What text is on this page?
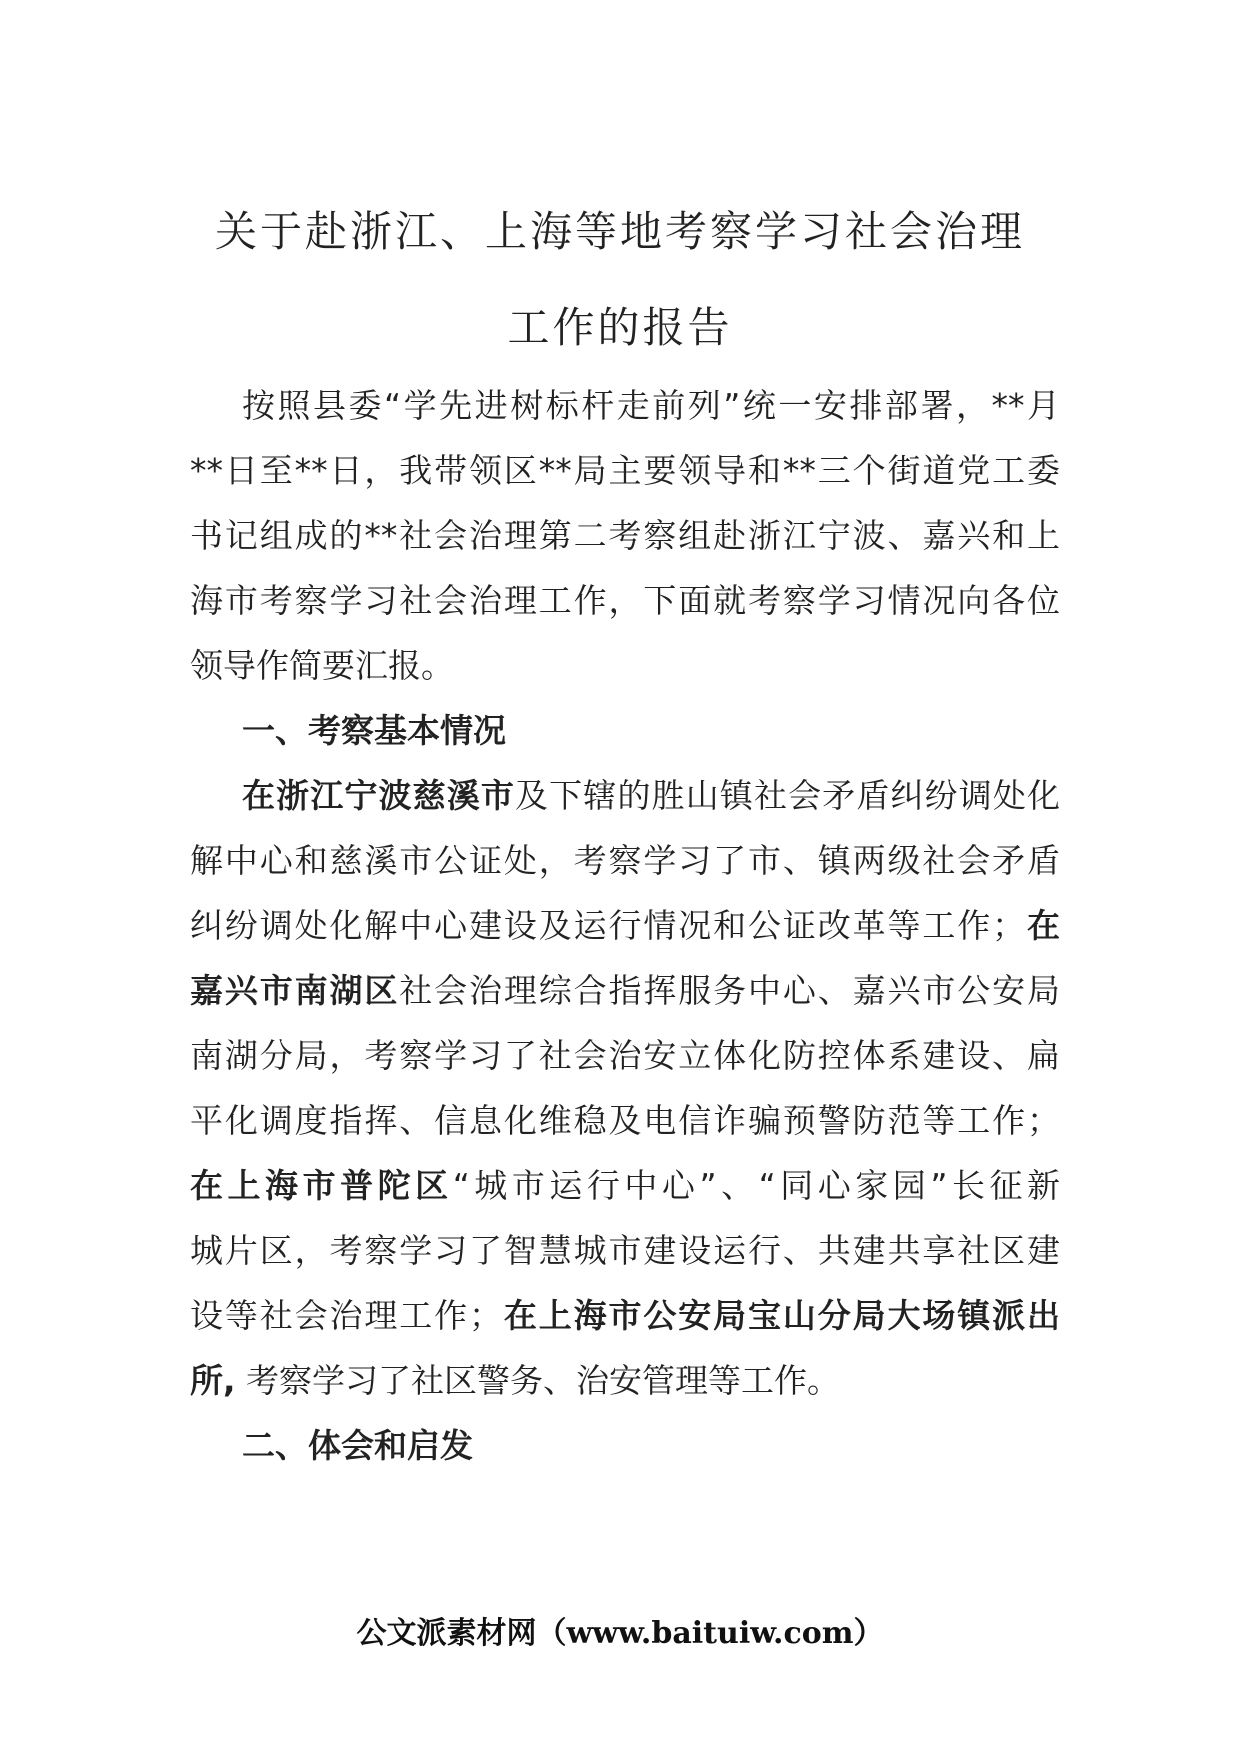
关于赴浙江、上海等地考察学习社会治理
工作的报告

按照县委“学先进树标杆走前列”统一安排部署，**月
**日至**日，我带领区**局主要领导和**三个街道党工委
书记组成的**社会治理第二考察组赴浙江宁波、嘉兴和上
海市考察学习社会治理工作，下面就考察学习情况向各位
领导作简要汇报。

一、考察基本情况

在浙江宁波慈溪市及下辖的胜山镇社会矛盾纠纷调处化
解中心和慈溪市公证处，考察学习了市、镇两级社会矛盾
纠纷调处化解中心建设及运行情况和公证改革等工作；在
嘉兴市南湖区社会治理综合指挥服务中心、嘉兴市公安局
南湖分局，考察学习了社会治安立体化防控体系建设、扁
平化调度指挥、信息化维稳及电信诈骗预警防范等工作；
在上海市普陀区“城市运行中心”、“同心家园”长征新
城片区，考察学习了智慧城市建设运行、共建共享社区建
设等社会治理工作；在上海市公安局宝山分局大场镇派出
所, 考察学习了社区警务、治安管理等工作。

二、体会和启发
公文派素材网（www.baituiw.com）
